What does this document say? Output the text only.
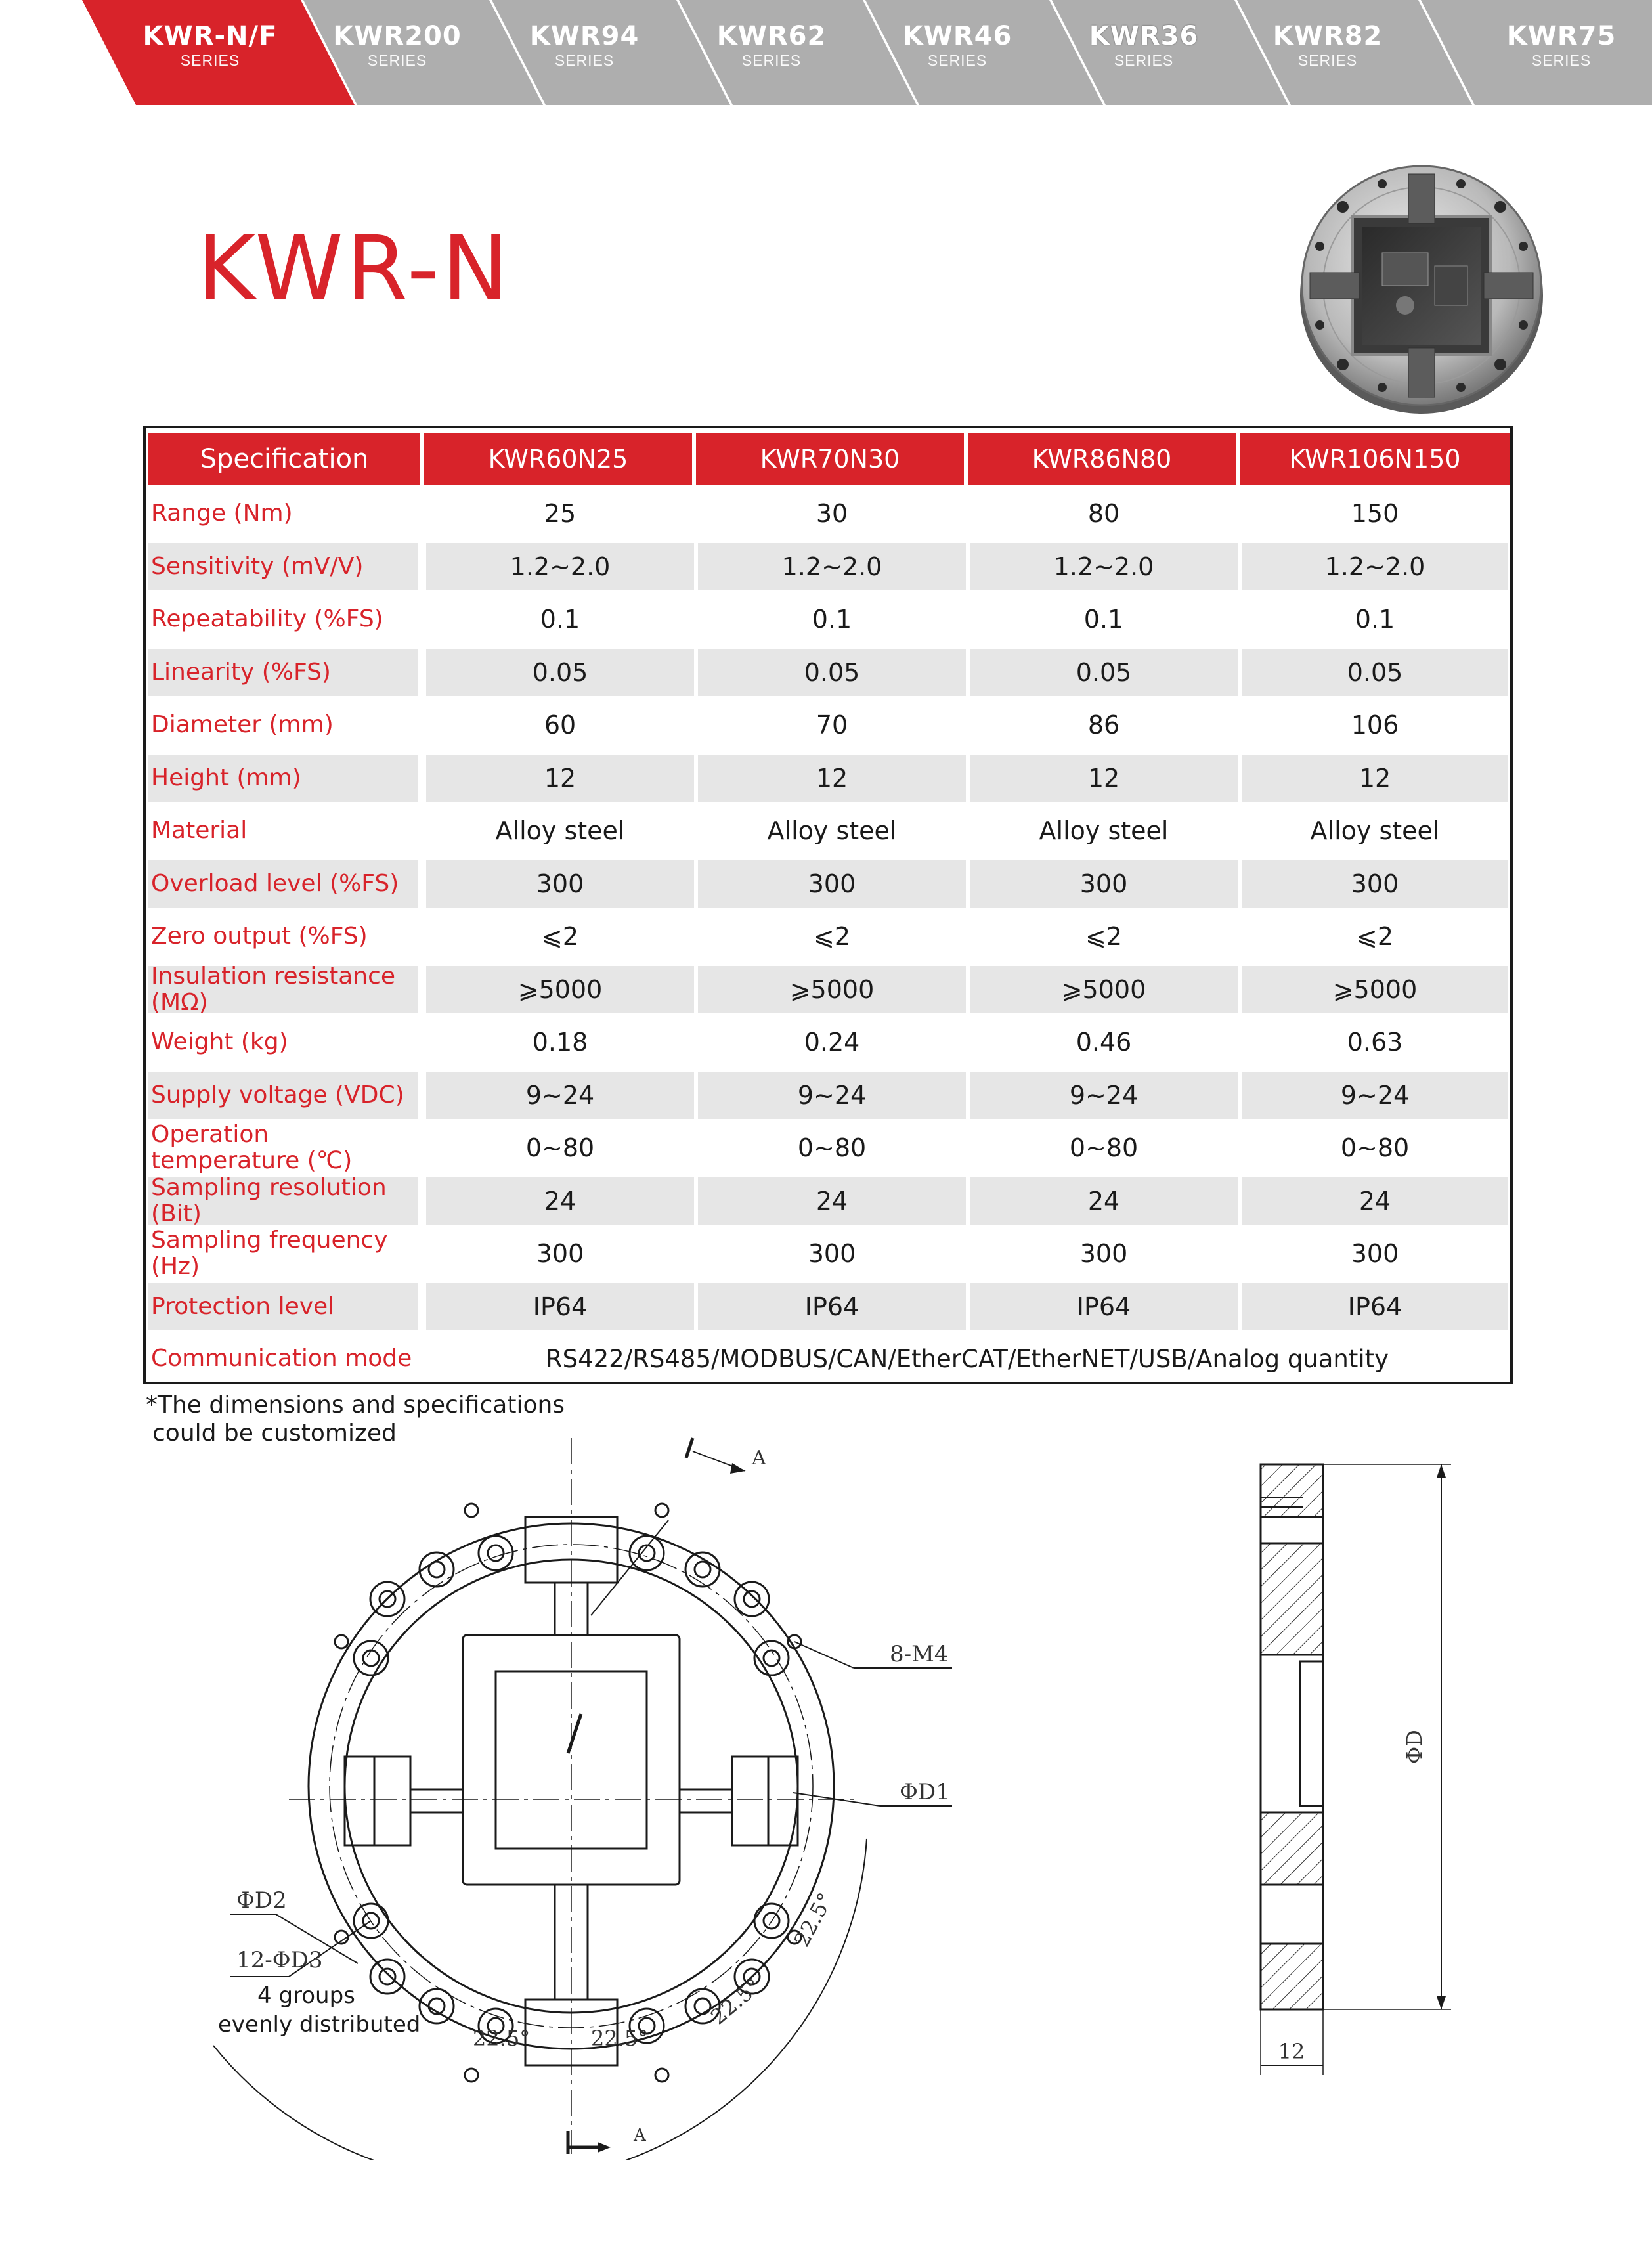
KWR-N/F
SERIES
KWR200
SERIES
KWR94
SERIES
KWR62
SERIES
KWR46
SERIES
KWR36
SERIES
KWR82
SERIES
KWR75
SERIES
KWR-N
Specification	KWR60N25	KWR70N30	KWR86N80	KWR106N150
Range (Nm)	25	30	80	150
Sensitivity (mV/V)	1.2~2.0	1.2~2.0	1.2~2.0	1.2~2.0
Repeatability (%FS)	0.1	0.1	0.1	0.1
Linearity (%FS)	0.05	0.05	0.05	0.05
Diameter (mm)	60	70	86	106
Height (mm)	12	12	12	12
Material	Alloy steel	Alloy steel	Alloy steel	Alloy steel
Overload level (%FS)	300	300	300	300
Zero output (%FS)	⩽2	⩽2	⩽2	⩽2
Insulation resistance (MΩ)	⩾5000	⩾5000	⩾5000	⩾5000
Weight (kg)	0.18	0.24	0.46	0.63
Supply voltage (VDC)	9~24	9~24	9~24	9~24
Operation temperature (℃)	0~80	0~80	0~80	0~80
Sampling resolution (Bit)	24	24	24	24
Sampling frequency (Hz)	300	300	300	300
Protection level	IP64	IP64	IP64	IP64
Communication mode	RS422/RS485/MODBUS/CAN/EtherCAT/EtherNET/USB/Analog quantity

*The dimensions and specifications
could be customized

A
A
8-M4
ΦD1
ΦD2
12-ΦD3
4 groups
evenly distributed
22.5°	22.5°
22.5°
22.5°
ΦD
12
